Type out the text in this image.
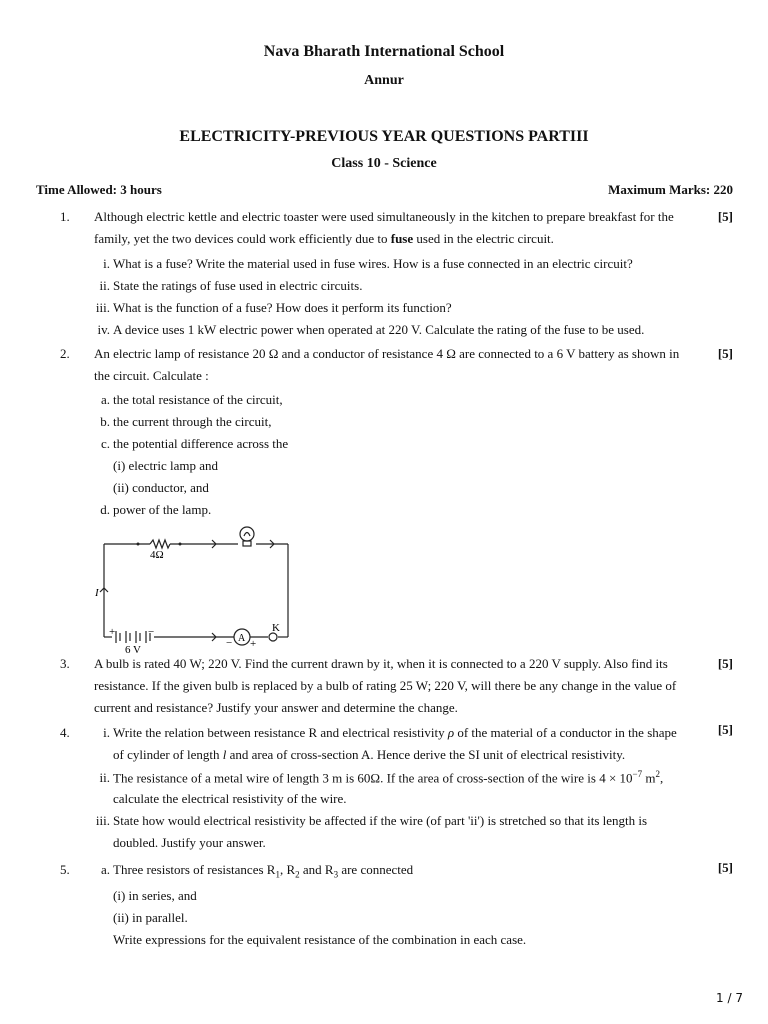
Nava Bharath International School
Annur
ELECTRICITY-PREVIOUS YEAR QUESTIONS PARTIII
Class 10 - Science
Time Allowed: 3 hours	Maximum Marks: 220
1.	[5]
Although electric kettle and electric toaster were used simultaneously in the kitchen to prepare breakfast for the
family, yet the two devices could work efficiently due to fuse used in the electric circuit.
i. What is a fuse? Write the material used in fuse wires. How is a fuse connected in an electric circuit?
ii. State the ratings of fuse used in electric circuits.
iii. What is the function of a fuse? How does it perform its function?
iv. A device uses 1 kW electric power when operated at 220 V. Calculate the rating of the fuse to be used.
2.	[5]
An electric lamp of resistance 20 Ω and a conductor of resistance 4 Ω are connected to a 6 V battery as shown in
the circuit. Calculate :
a. the total resistance of the circuit,
b. the current through the circuit,
c. the potential difference across the
(i) electric lamp and
(ii) conductor, and
d. power of the lamp.
4Ω
I
6 V
A
K
+	−
− +
3.	[5]
A bulb is rated 40 W; 220 V. Find the current drawn by it, when it is connected to a 220 V supply. Also find its
resistance. If the given bulb is replaced by a bulb of rating 25 W; 220 V, will there be any change in the value of
current and resistance? Justify your answer and determine the change.
4.	[5]
i. Write the relation between resistance R and electrical resistivity ρ of the material of a conductor in the shape
of cylinder of length l and area of cross-section A. Hence derive the SI unit of electrical resistivity.
ii. The resistance of a metal wire of length 3 m is 60Ω. If the area of cross-section of the wire is $4 \times 10^{-7}$ $m^2$,
calculate the electrical resistivity of the wire.
iii. State how would electrical resistivity be affected if the wire (of part 'ii') is stretched so that its length is
doubled. Justify your answer.
5.	[5]
a. Three resistors of resistances $R_1$, $R_2$ and $R_3$ are connected
(i) in series, and
(ii) in parallel.
Write expressions for the equivalent resistance of the combination in each case.
1 / 7
